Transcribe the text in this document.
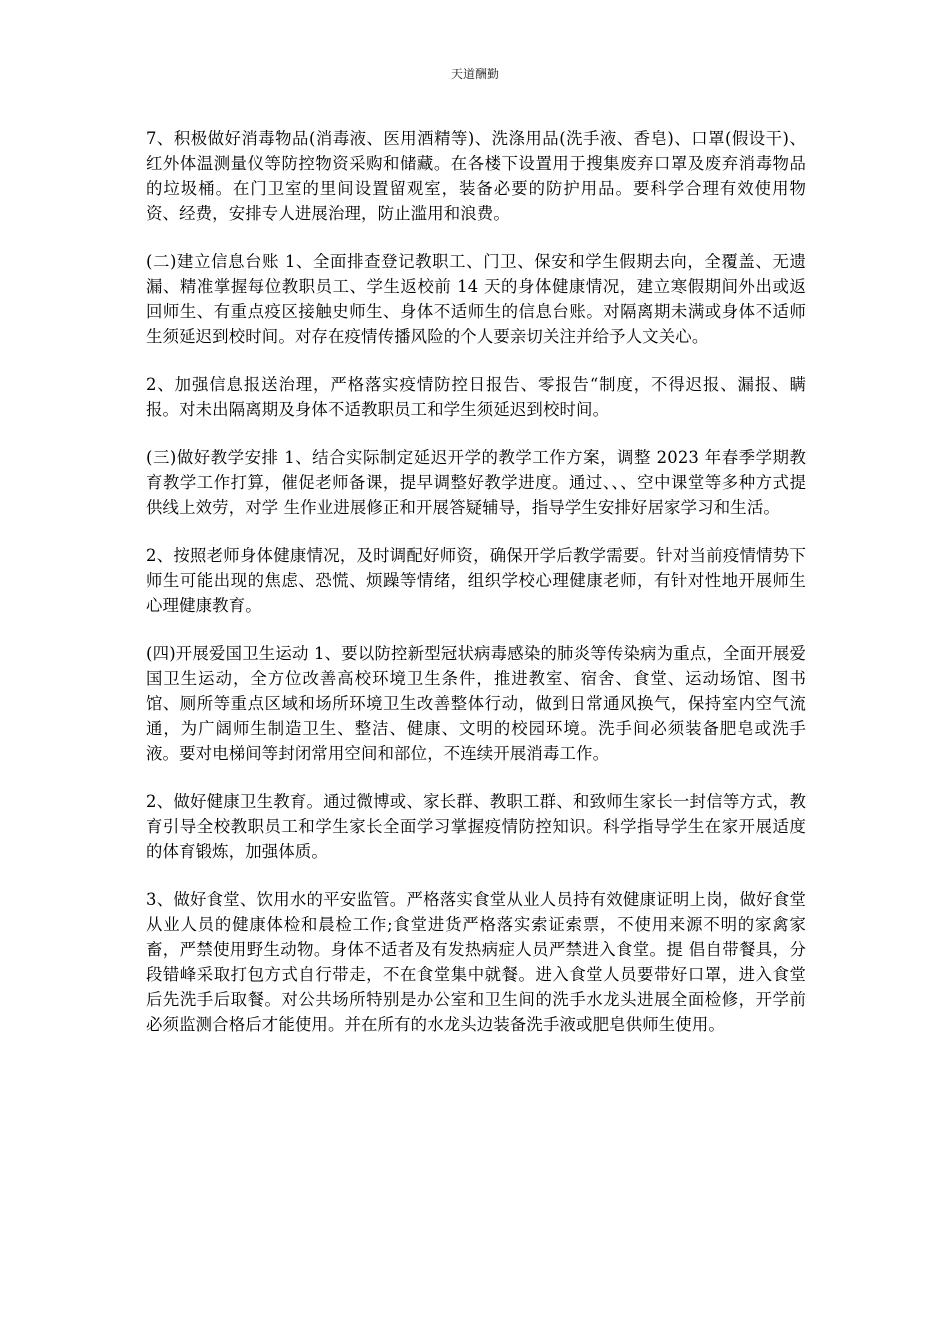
天道酬勤

7、积极做好消毒物品(消毒液、医用酒精等)、洗涤用品(洗手液、香皂)、口罩(假设干)、红外体温测量仪等防控物资采购和储藏。在各楼下设置用于搜集废弃口罩及废弃消毒物品的垃圾桶。在门卫室的里间设置留观室，装备必要的防护用品。要科学合理有效使用物资、经费，安排专人进展治理，防止滥用和浪费。

(二)建立信息台账 1、全面排查登记教职工、门卫、保安和学生假期去向，全覆盖、无遗漏、精准掌握每位教职员工、学生返校前 14 天的身体健康情况，建立寒假期间外出或返回师生、有重点疫区接触史师生、身体不适师生的信息台账。对隔离期未满或身体不适师生须延迟到校时间。对存在疫情传播风险的个人要亲切关注并给予人文关心。

2、加强信息报送治理，严格落实疫情防控日报告、零报告“制度，不得迟报、漏报、瞒报。对未出隔离期及身体不适教职员工和学生须延迟到校时间。

(三)做好教学安排 1、结合实际制定延迟开学的教学工作方案，调整 2023 年春季学期教育教学工作打算，催促老师备课，提早调整好教学进度。通过、、、空中课堂等多种方式提供线上效劳，对学 生作业进展修正和开展答疑辅导，指导学生安排好居家学习和生活。

2、按照老师身体健康情况，及时调配好师资，确保开学后教学需要。针对当前疫情情势下师生可能出现的焦虑、恐慌、烦躁等情绪，组织学校心理健康老师，有针对性地开展师生心理健康教育。

(四)开展爱国卫生运动 1、要以防控新型冠状病毒感染的肺炎等传染病为重点，全面开展爱国卫生运动，全方位改善高校环境卫生条件，推进教室、宿舍、食堂、运动场馆、图书馆、厕所等重点区域和场所环境卫生改善整体行动，做到日常通风换气，保持室内空气流通，为广阔师生制造卫生、整洁、健康、文明的校园环境。洗手间必须装备肥皂或洗手液。要对电梯间等封闭常用空间和部位，不连续开展消毒工作。

2、做好健康卫生教育。通过微博或、家长群、教职工群、和致师生家长一封信等方式，教育引导全校教职员工和学生家长全面学习掌握疫情防控知识。科学指导学生在家开展适度的体育锻炼，加强体质。

3、做好食堂、饮用水的平安监管。严格落实食堂从业人员持有效健康证明上岗，做好食堂从业人员的健康体检和晨检工作;食堂进货严格落实索证索票，不使用来源不明的家禽家畜，严禁使用野生动物。身体不适者及有发热病症人员严禁进入食堂。提 倡自带餐具，分段错峰采取打包方式自行带走，不在食堂集中就餐。进入食堂人员要带好口罩，进入食堂后先洗手后取餐。对公共场所特别是办公室和卫生间的洗手水龙头进展全面检修，开学前必须监测合格后才能使用。并在所有的水龙头边装备洗手液或肥皂供师生使用。
